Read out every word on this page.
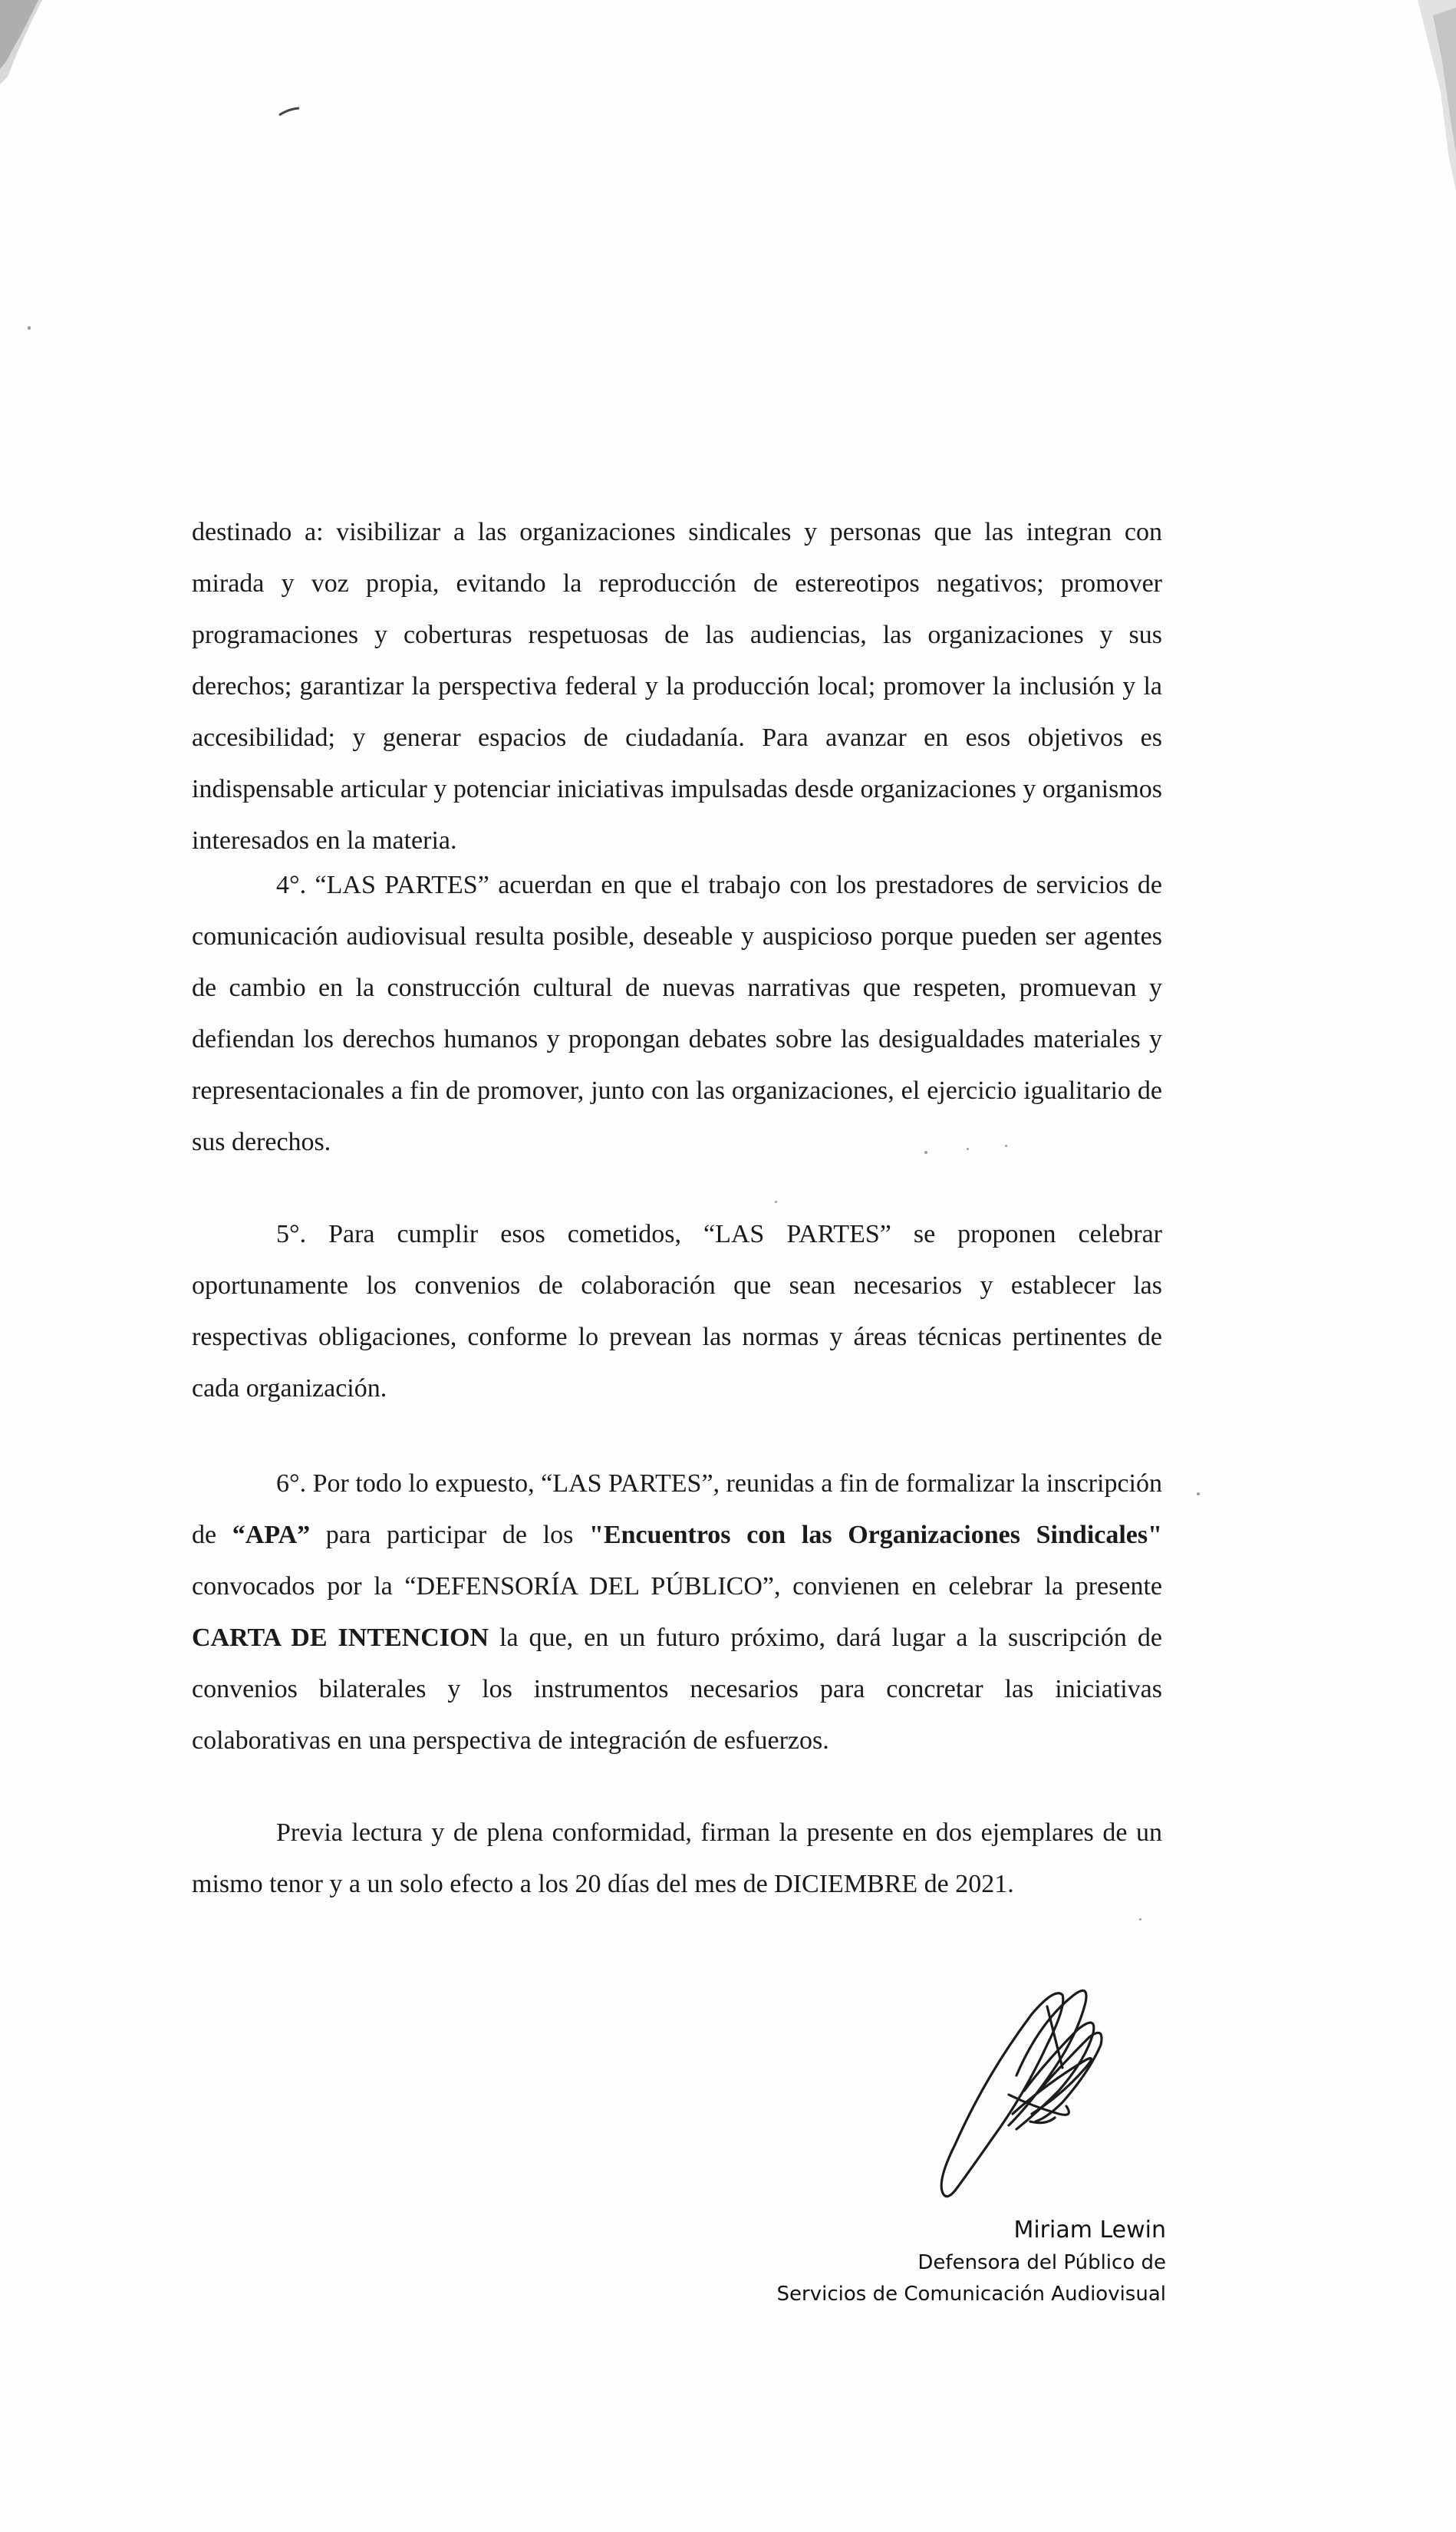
destinado a: visibilizar a las organizaciones sindicales y personas que las integran con mirada y voz propia, evitando la reproducción de estereotipos negativos; promover programaciones y coberturas respetuosas de las audiencias, las organizaciones y sus derechos; garantizar la perspectiva federal y la producción local; promover la inclusión y la accesibilidad; y generar espacios de ciudadanía. Para avanzar en esos objetivos es indispensable articular y potenciar iniciativas impulsadas desde organizaciones y organismos interesados en la materia.

4°. “LAS PARTES” acuerdan en que el trabajo con los prestadores de servicios de comunicación audiovisual resulta posible, deseable y auspicioso porque pueden ser agentes de cambio en la construcción cultural de nuevas narrativas que respeten, promuevan y defiendan los derechos humanos y propongan debates sobre las desigualdades materiales y representacionales a fin de promover, junto con las organizaciones, el ejercicio igualitario de sus derechos.

5°. Para cumplir esos cometidos, “LAS PARTES” se proponen celebrar oportunamente los convenios de colaboración que sean necesarios y establecer las respectivas obligaciones, conforme lo prevean las normas y áreas técnicas pertinentes de cada organización.

6°. Por todo lo expuesto, “LAS PARTES”, reunidas a fin de formalizar la inscripción de “APA” para participar de los "Encuentros con las Organizaciones Sindicales" convocados por la “DEFENSORÍA DEL PÚBLICO”, convienen en celebrar la presente CARTA DE INTENCION la que, en un futuro próximo, dará lugar a la suscripción de convenios bilaterales y los instrumentos necesarios para concretar las iniciativas colaborativas en una perspectiva de integración de esfuerzos.

Previa lectura y de plena conformidad, firman la presente en dos ejemplares de un mismo tenor y a un solo efecto a los 20 días del mes de DICIEMBRE de 2021.

Miriam Lewin
Defensora del Público de
Servicios de Comunicación Audiovisual
